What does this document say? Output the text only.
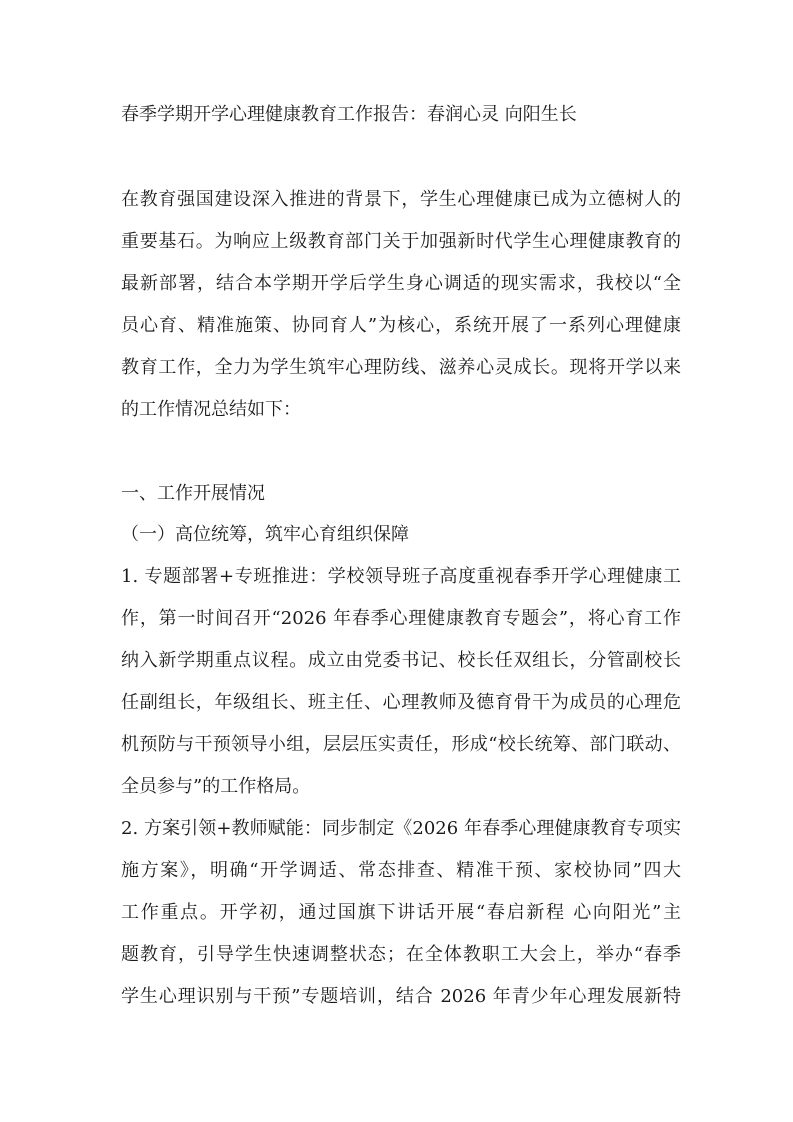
春季学期开学心理健康教育工作报告：春润心灵 向阳生长
在教育强国建设深入推进的背景下，学生心理健康已成为立德树人的
重要基石。为响应上级教育部门关于加强新时代学生心理健康教育的
最新部署，结合本学期开学后学生身心调适的现实需求，我校以“全
员心育、精准施策、协同育人”为核心，系统开展了一系列心理健康
教育工作，全力为学生筑牢心理防线、滋养心灵成长。现将开学以来
的工作情况总结如下：
一、工作开展情况
（一）高位统筹，筑牢心育组织保障
1. 专题部署+专班推进：学校领导班子高度重视春季开学心理健康工
作，第一时间召开“2026 年春季心理健康教育专题会”，将心育工作
纳入新学期重点议程。成立由党委书记、校长任双组长，分管副校长
任副组长，年级组长、班主任、心理教师及德育骨干为成员的心理危
机预防与干预领导小组，层层压实责任，形成“校长统筹、部门联动、
全员参与”的工作格局。
2. 方案引领+教师赋能：同步制定《2026 年春季心理健康教育专项实
施方案》，明确“开学调适、常态排查、精准干预、家校协同”四大
工作重点。开学初，通过国旗下讲话开展“春启新程 心向阳光”主
题教育，引导学生快速调整状态；在全体教职工大会上，举办“春季
学生心理识别与干预”专题培训，结合 2026 年青少年心理发展新特
